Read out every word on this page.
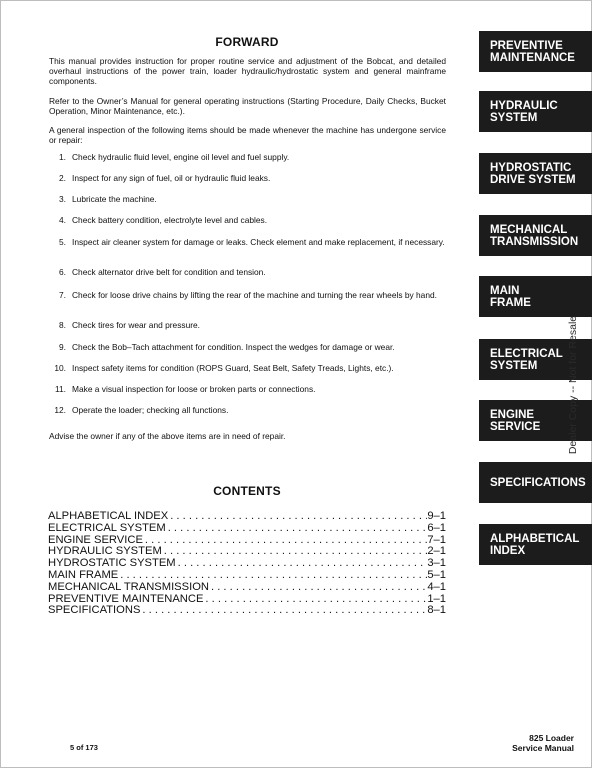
FORWARD
This manual provides instruction for proper routine service and adjustment of the Bobcat, and detailed overhaul instructions of the power train, loader hydraulic/hydrostatic system and general mainframe components.
Refer to the Owner’s Manual for general operating instructions (Starting Procedure, Daily Checks, Bucket Operation, Minor Maintenance, etc.).
A general inspection of the following items should be made whenever the machine has undergone service or repair:
1. Check hydraulic fluid level, engine oil level and fuel supply.
2. Inspect for any sign of fuel, oil or hydraulic fluid leaks.
3. Lubricate the machine.
4. Check battery condition, electrolyte level and cables.
5. Inspect air cleaner system for damage or leaks. Check element and make replacement, if necessary.
6. Check alternator drive belt for condition and tension.
7. Check for loose drive chains by lifting the rear of the machine and turning the rear wheels by hand.
8. Check tires for wear and pressure.
9. Check the Bob–Tach attachment for condition. Inspect the wedges for damage or wear.
10. Inspect safety items for condition (ROPS Guard, Seat Belt, Safety Treads, Lights, etc.).
11. Make a visual inspection for loose or broken parts or connections.
12. Operate the loader; checking all functions.
Advise the owner if any of the above items are in need of repair.
CONTENTS
ALPHABETICAL INDEX . . .	9–1
ELECTRICAL SYSTEM . . .	6–1
ENGINE SERVICE . . .	7–1
HYDRAULIC SYSTEM . . .	2–1
HYDROSTATIC SYSTEM . . .	3–1
MAIN FRAME . . .	5–1
MECHANICAL TRANSMISSION . . .	4–1
PREVENTIVE MAINTENANCE . . .	1–1
SPECIFICATIONS . . .	8–1
PREVENTIVE
MAINTENANCE
HYDRAULIC
SYSTEM
HYDROSTATIC
DRIVE SYSTEM
MECHANICAL
TRANSMISSION
MAIN
FRAME
ELECTRICAL
SYSTEM
ENGINE
SERVICE
SPECIFICATIONS
ALPHABETICAL
INDEX
Dealer Copy -- Not for Resale
5 of 173
825 Loader
Service Manual
